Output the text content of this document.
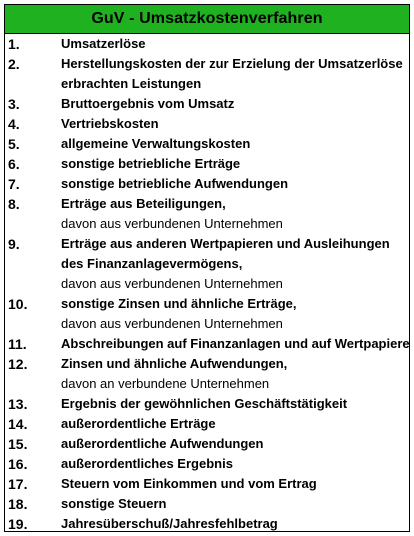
GuV - Umsatzkostenverfahren
1.	Umsatzerlöse
2.	Herstellungskosten der zur Erzielung der Umsatzerlöse
erbrachten Leistungen
3.	Bruttoergebnis vom Umsatz
4.	Vertriebskosten
5.	allgemeine Verwaltungskosten
6.	sonstige betriebliche Erträge
7.	sonstige betriebliche Aufwendungen
8.	Erträge aus Beteiligungen,
davon aus verbundenen Unternehmen
9.	Erträge aus anderen Wertpapieren und Ausleihungen
des Finanzanlagevermögens,
davon aus verbundenen Unternehmen
10.	sonstige Zinsen und ähnliche Erträge,
davon aus verbundenen Unternehmen
11.	Abschreibungen auf Finanzanlagen und auf Wertpapiere
12.	Zinsen und ähnliche Aufwendungen,
davon an verbundene Unternehmen
13.	Ergebnis der gewöhnlichen Geschäftstätigkeit
14.	außerordentliche Erträge
15.	außerordentliche Aufwendungen
16.	außerordentliches Ergebnis
17.	Steuern vom Einkommen und vom Ertrag
18.	sonstige Steuern
19.	Jahresüberschuß/Jahresfehlbetrag
